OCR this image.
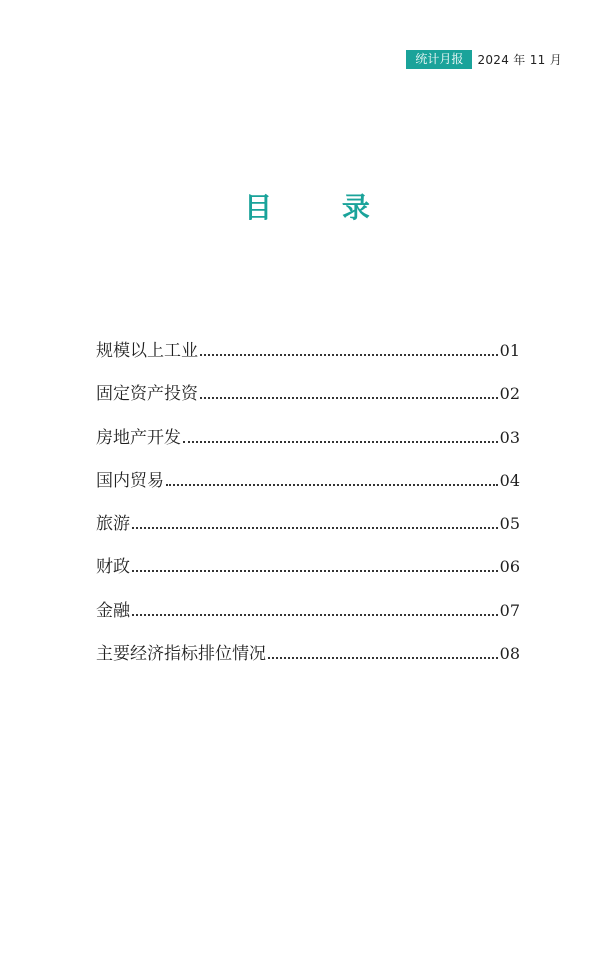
统计月报	2024 年 11 月
目 录
规模以上工业	01
固定资产投资	02
房地产开发	03
国内贸易	04
旅游	05
财政	06
金融	07
主要经济指标排位情况	08
